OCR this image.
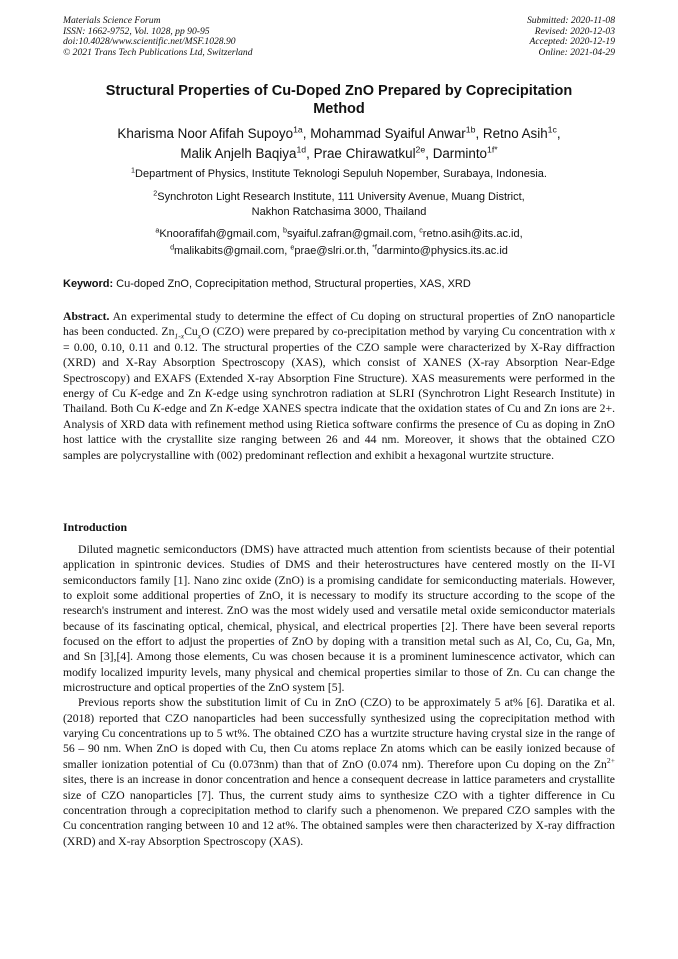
Materials Science Forum
ISSN: 1662-9752, Vol. 1028, pp 90-95
doi:10.4028/www.scientific.net/MSF.1028.90
© 2021 Trans Tech Publications Ltd, Switzerland
Submitted: 2020-11-08
Revised: 2020-12-03
Accepted: 2020-12-19
Online: 2021-04-29
Structural Properties of Cu-Doped ZnO Prepared by Coprecipitation
Method
Kharisma Noor Afifah Supoyo$^{1a}$, Mohammad Syaiful Anwar$^{1b}$, Retno Asih$^{1c}$,
Malik Anjelh Baqiya$^{1d}$, Prae Chirawatkul$^{2e}$, Darminto$^{1f*}$
$^1$Department of Physics, Institute Teknologi Sepuluh Nopember, Surabaya, Indonesia.
$^2$Synchroton Light Research Institute, 111 University Avenue, Muang District,
Nakhon Ratchasima 3000, Thailand
$^a$Knoorafifah@gmail.com, $^b$syaiful.zafran@gmail.com, $^c$retno.asih@its.ac.id,
$^d$malikabits@gmail.com, $^e$prae@slri.or.th, $^{*f}$darminto@physics.its.ac.id
Keyword: Cu-doped ZnO, Coprecipitation method, Structural properties, XAS, XRD
Abstract. An experimental study to determine the effect of Cu doping on structural properties of ZnO nanoparticle has been conducted. $Zn_{1-x}Cu_xO$ (CZO) were prepared by co-precipitation method by varying Cu concentration with x = 0.00, 0.10, 0.11 and 0.12. The structural properties of the CZO sample were characterized by X-Ray diffraction (XRD) and X-Ray Absorption Spectroscopy (XAS), which consist of XANES (X-ray Absorption Near-Edge Spectroscopy) and EXAFS (Extended X-ray Absorption Fine Structure). XAS measurements were performed in the energy of Cu K-edge and Zn K-edge using synchrotron radiation at SLRI (Synchrotron Light Research Institute) in Thailand. Both Cu K-edge and Zn K-edge XANES spectra indicate that the oxidation states of Cu and Zn ions are 2+. Analysis of XRD data with refinement method using Rietica software confirms the presence of Cu as doping in ZnO host lattice with the crystallite size ranging between 26 and 44 nm. Moreover, it shows that the obtained CZO samples are polycrystalline with (002) predominant reflection and exhibit a hexagonal wurtzite structure.
Introduction

Diluted magnetic semiconductors (DMS) have attracted much attention from scientists because of their potential application in spintronic devices. Studies of DMS and their heterostructures have centered mostly on the II-VI semiconductors family [1]. Nano zinc oxide (ZnO) is a promising candidate for semiconducting materials. However, to exploit some additional properties of ZnO, it is necessary to modify its structure according to the scope of the research's instrument and interest. ZnO was the most widely used and versatile metal oxide semiconductor materials because of its fascinating optical, chemical, physical, and electrical properties [2]. There have been several reports focused on the effort to adjust the properties of ZnO by doping with a transition metal such as Al, Co, Cu, Ga, Mn, and Sn [3],[4]. Among those elements, Cu was chosen because it is a prominent luminescence activator, which can modify localized impurity levels, many physical and chemical properties similar to those of Zn. Cu can change the microstructure and optical properties of the ZnO system [5].

Previous reports show the substitution limit of Cu in ZnO (CZO) to be approximately 5 at% [6]. Daratika et al. (2018) reported that CZO nanoparticles had been successfully synthesized using the coprecipitation method with varying Cu concentrations up to 5 wt%. The obtained CZO has a wurtzite structure having crystal size in the range of 56 – 90 nm. When ZnO is doped with Cu, then Cu atoms replace Zn atoms which can be easily ionized because of smaller ionization potential of Cu (0.073nm) than that of ZnO (0.074 nm). Therefore upon Cu doping on the $Zn^{2+}$ sites, there is an increase in donor concentration and hence a consequent decrease in lattice parameters and crystallite size of CZO nanoparticles [7]. Thus, the current study aims to synthesize CZO with a tighter difference in Cu concentration through a coprecipitation method to clarify such a phenomenon. We prepared CZO samples with the Cu concentration ranging between 10 and 12 at%. The obtained samples were then characterized by X-ray diffraction (XRD) and X-ray Absorption Spectroscopy (XAS).
